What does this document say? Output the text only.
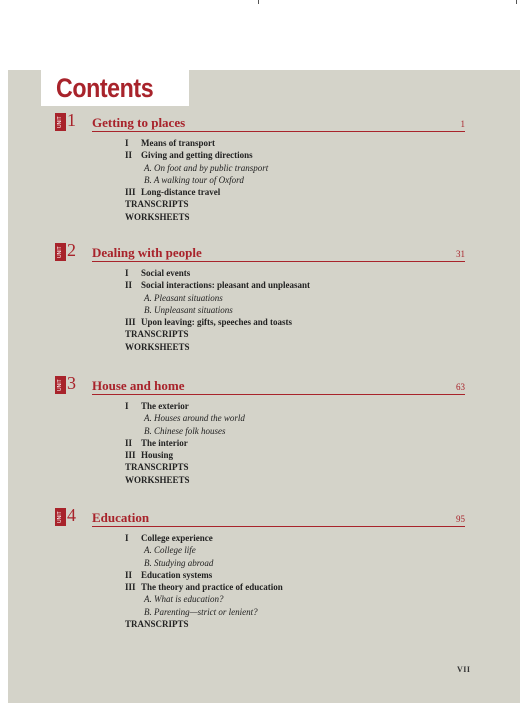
Contents
UNIT 1 Getting to places	1
I Means of transport
II Giving and getting directions
A. On foot and by public transport
B. A walking tour of Oxford
III Long-distance travel
TRANSCRIPTS
WORKSHEETS
UNIT 2 Dealing with people	31
I Social events
II Social interactions: pleasant and unpleasant
A. Pleasant situations
B. Unpleasant situations
III Upon leaving: gifts, speeches and toasts
TRANSCRIPTS
WORKSHEETS
UNIT 3 House and home	63
I The exterior
A. Houses around the world
B. Chinese folk houses
II The interior
III Housing
TRANSCRIPTS
WORKSHEETS
UNIT 4 Education	95
I College experience
A. College life
B. Studying abroad
II Education systems
III The theory and practice of education
A. What is education?
B. Parenting—strict or lenient?
TRANSCRIPTS
VII
